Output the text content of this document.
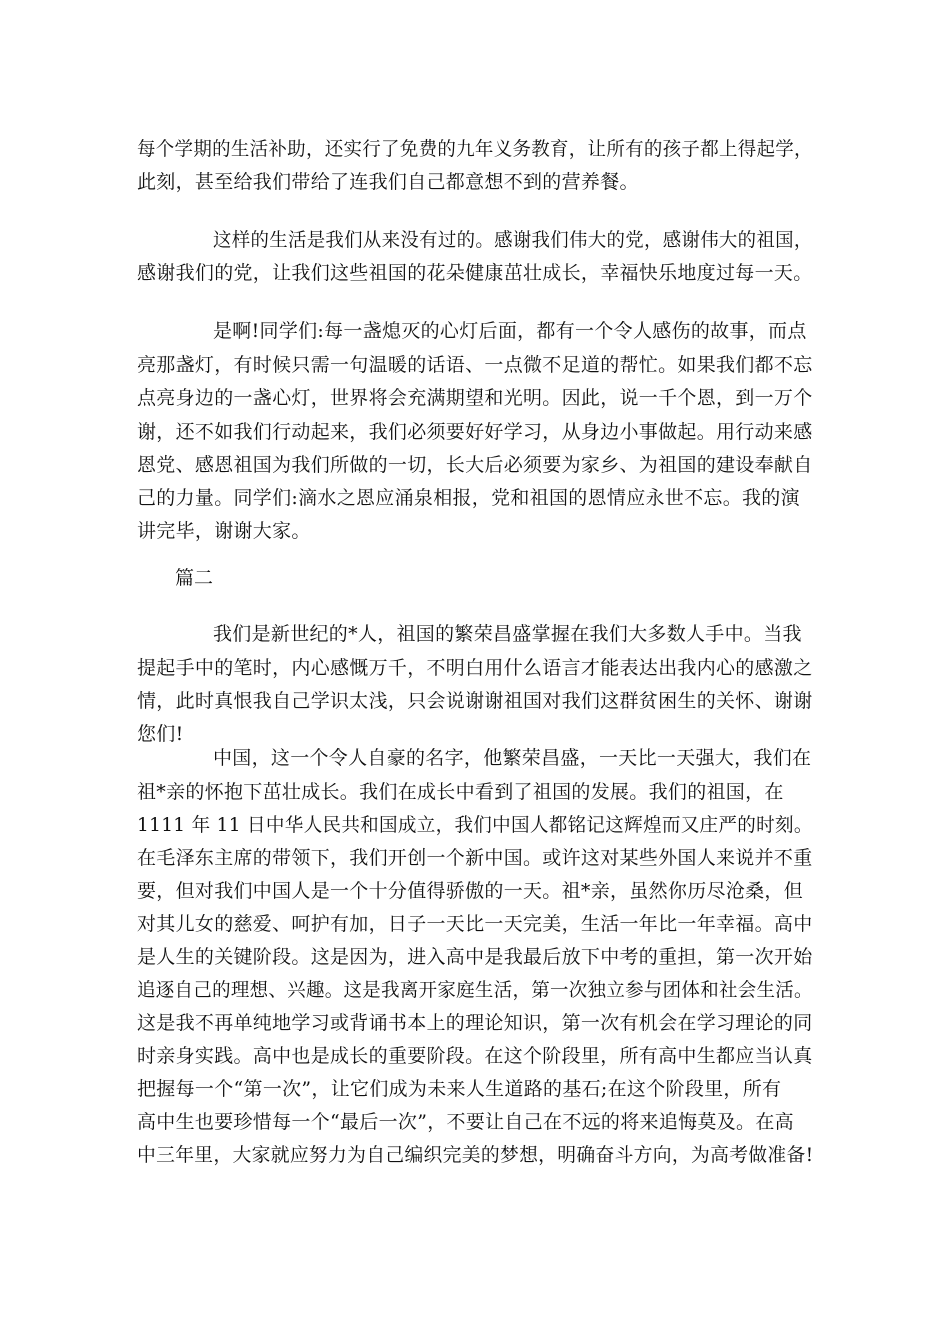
每个学期的生活补助，还实行了免费的九年义务教育，让所有的孩子都上得起学，
此刻，甚至给我们带给了连我们自己都意想不到的营养餐。
这样的生活是我们从来没有过的。感谢我们伟大的党，感谢伟大的祖国，
感谢我们的党，让我们这些祖国的花朵健康茁壮成长，幸福快乐地度过每一天。
是啊!同学们:每一盏熄灭的心灯后面，都有一个令人感伤的故事，而点
亮那盏灯，有时候只需一句温暖的话语、一点微不足道的帮忙。如果我们都不忘
点亮身边的一盏心灯，世界将会充满期望和光明。因此，说一千个恩，到一万个
谢，还不如我们行动起来，我们必须要好好学习，从身边小事做起。用行动来感
恩党、感恩祖国为我们所做的一切，长大后必须要为家乡、为祖国的建设奉献自
己的力量。同学们:滴水之恩应涌泉相报，党和祖国的恩情应永世不忘。我的演
讲完毕，谢谢大家。
篇二
我们是新世纪的*人，祖国的繁荣昌盛掌握在我们大多数人手中。当我
提起手中的笔时，内心感慨万千，不明白用什么语言才能表达出我内心的感激之
情，此时真恨我自己学识太浅，只会说谢谢祖国对我们这群贫困生的关怀、谢谢
您们!
中国，这一个令人自豪的名字，他繁荣昌盛，一天比一天强大，我们在
祖*亲的怀抱下茁壮成长。我们在成长中看到了祖国的发展。我们的祖国，在
1111 年 11 日中华人民共和国成立，我们中国人都铭记这辉煌而又庄严的时刻。
在毛泽东主席的带领下，我们开创一个新中国。或许这对某些外国人来说并不重
要，但对我们中国人是一个十分值得骄傲的一天。祖*亲，虽然你历尽沧桑，但
对其儿女的慈爱、呵护有加，日子一天比一天完美，生活一年比一年幸福。高中
是人生的关键阶段。这是因为，进入高中是我最后放下中考的重担，第一次开始
追逐自己的理想、兴趣。这是我离开家庭生活，第一次独立参与团体和社会生活。
这是我不再单纯地学习或背诵书本上的理论知识，第一次有机会在学习理论的同
时亲身实践。高中也是成长的重要阶段。在这个阶段里，所有高中生都应当认真
把握每一个“第一次”，让它们成为未来人生道路的基石;在这个阶段里，所有
高中生也要珍惜每一个“最后一次”，不要让自己在不远的将来追悔莫及。在高
中三年里，大家就应努力为自己编织完美的梦想，明确奋斗方向，为高考做准备!
